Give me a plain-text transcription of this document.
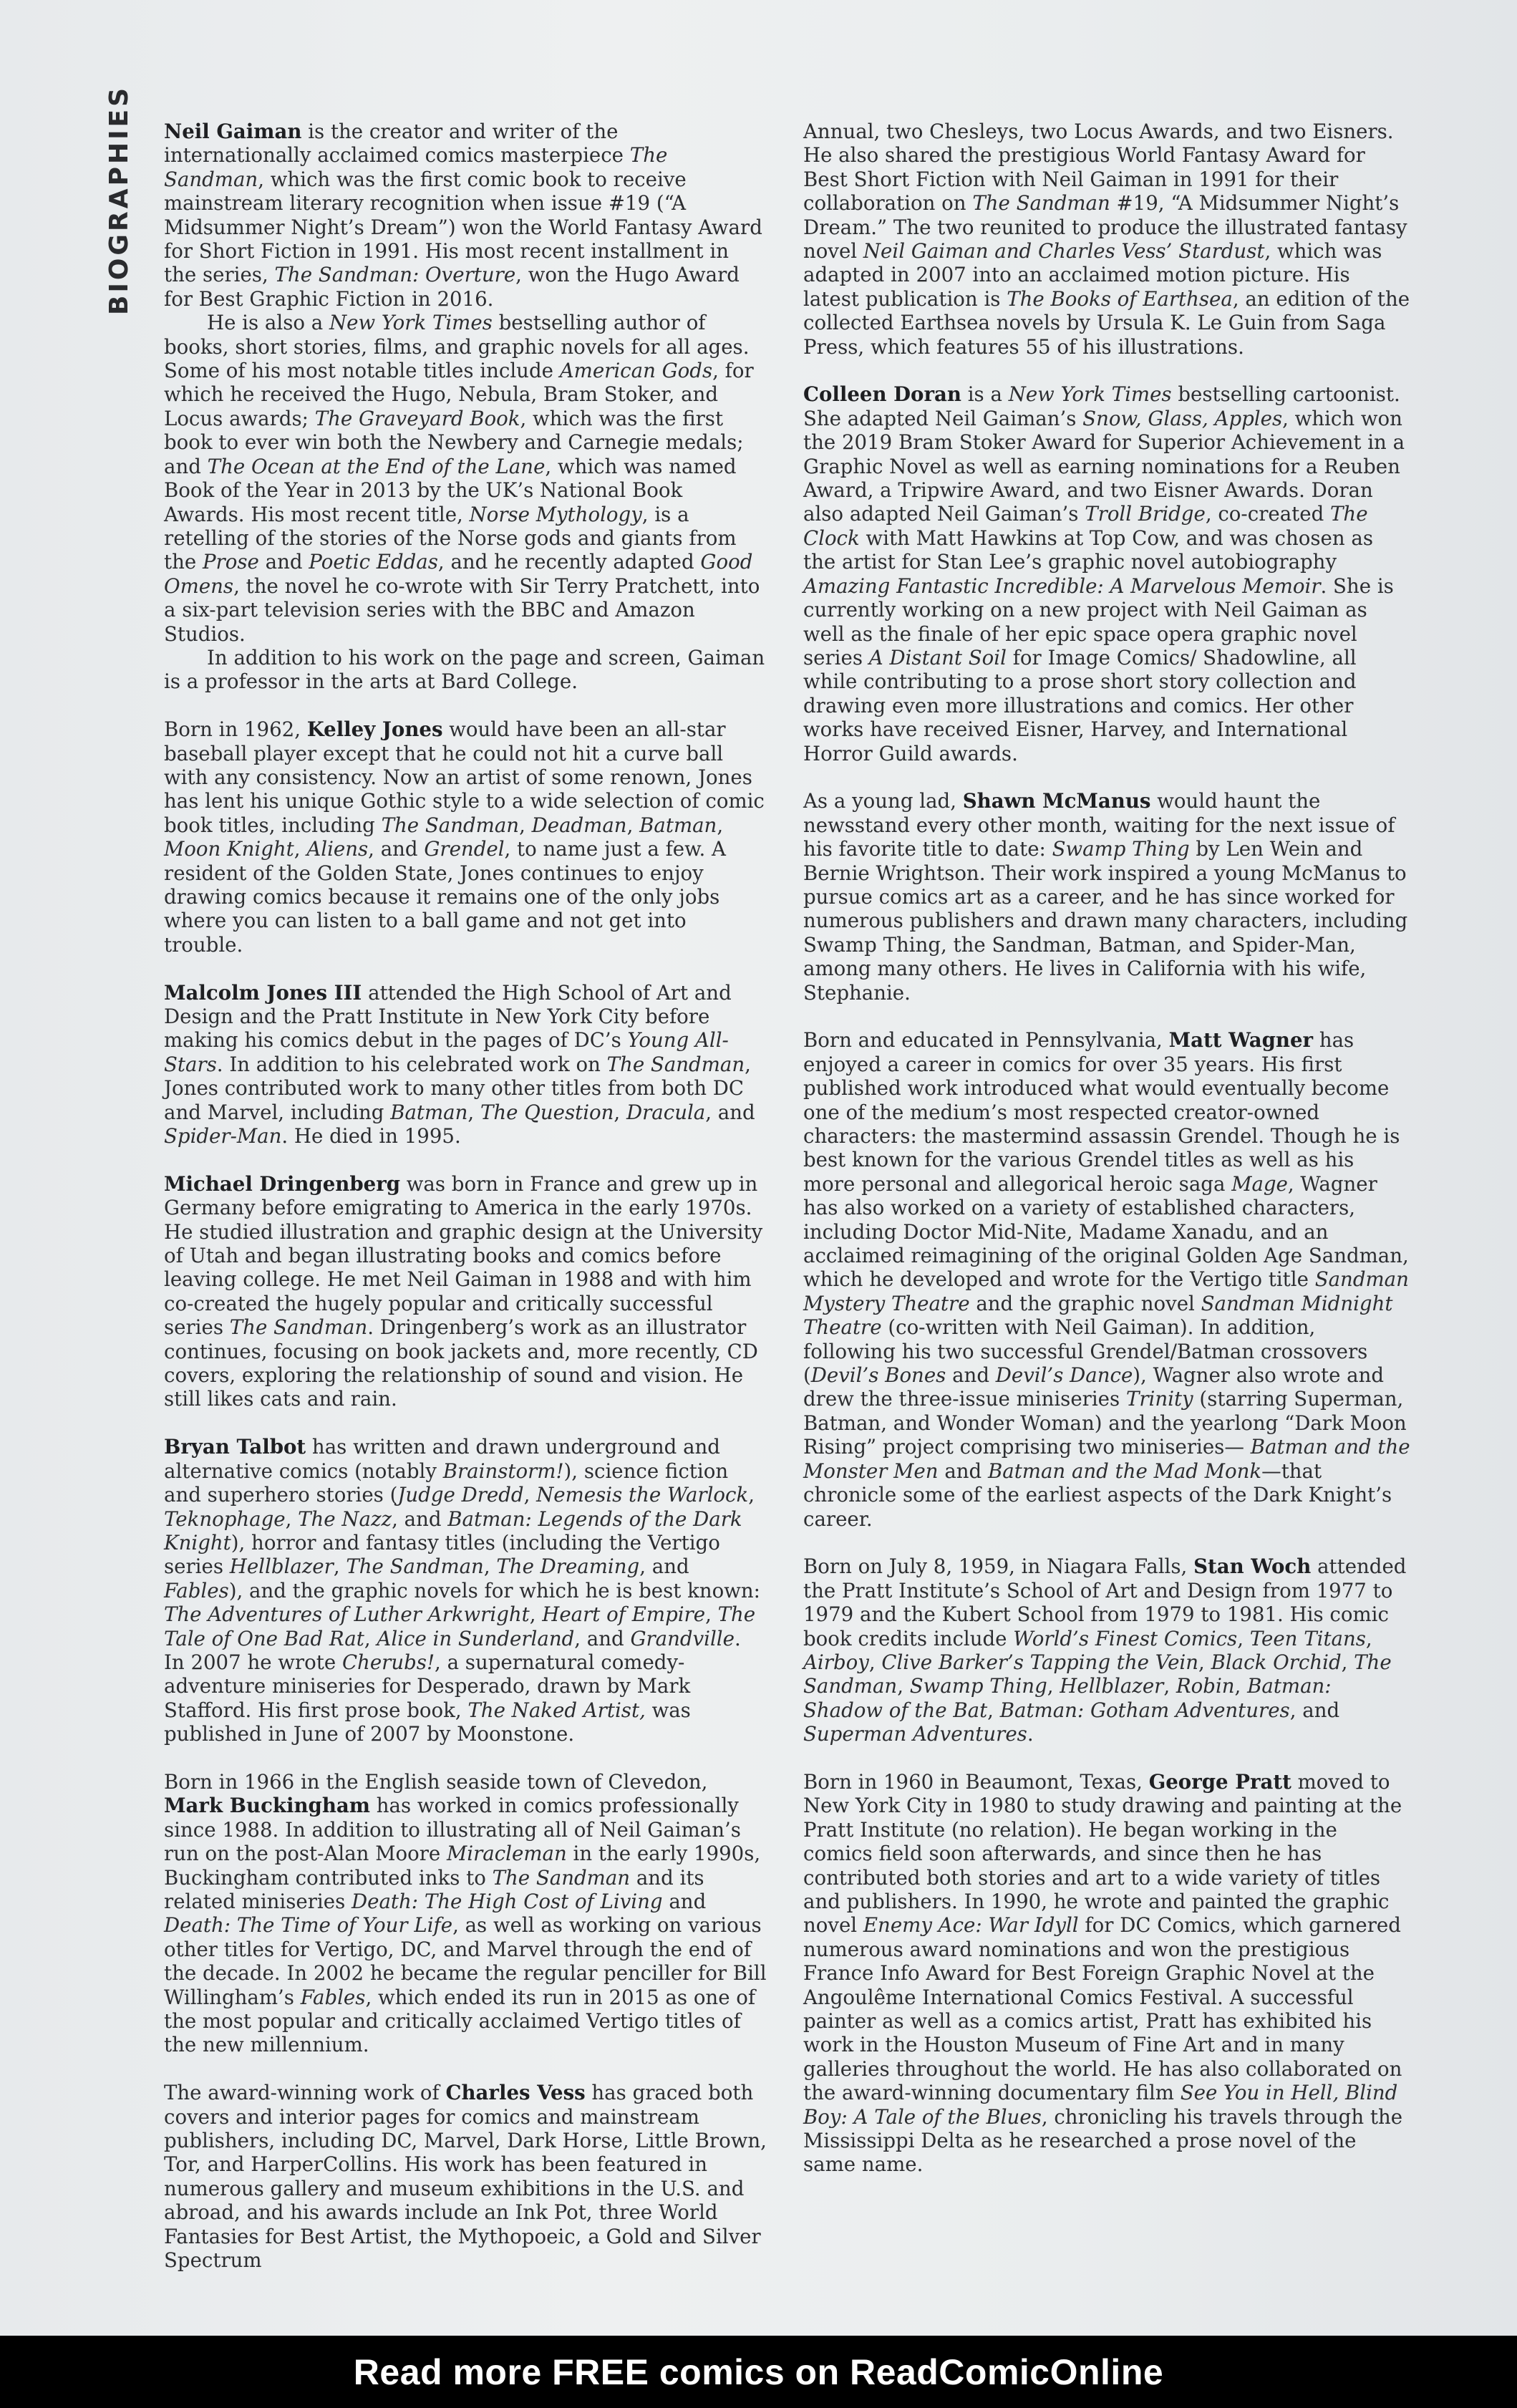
BIOGRAPHIES Neil Gaiman is the creator and writer of the internationally acclaimed comics masterpiece The Sandman, which was the first comic book to receive mainstream literary recognition when issue #19 (“A Midsummer Night’s Dream”) won the World Fantasy Award for Short Fiction in 1991. His most recent installment in the series, The Sandman: Overture, won the Hugo Award for Best Graphic Fiction in 2016.

He is also a New York Times bestselling author of books, short stories, films, and graphic novels for all ages. Some of his most notable titles include American Gods, for which he received the Hugo, Nebula, Bram Stoker, and Locus awards; The Graveyard Book, which was the first book to ever win both the Newbery and Carnegie medals; and The Ocean at the End of the Lane, which was named Book of the Year in 2013 by the UK’s National Book Awards. His most recent title, Norse Mythology, is a retelling of the stories of the Norse gods and giants from the Prose and Poetic Eddas, and he recently adapted Good Omens, the novel he co-wrote with Sir Terry Pratchett, into a six-part television series with the BBC and Amazon Studios.

In addition to his work on the page and screen, Gaiman is a professor in the arts at Bard College.

Born in 1962, Kelley Jones would have been an all-star baseball player except that he could not hit a curve ball with any consistency. Now an artist of some renown, Jones has lent his unique Gothic style to a wide selection of comic book titles, including The Sandman, Deadman, Batman, Moon Knight, Aliens, and Grendel, to name just a few. A resident of the Golden State, Jones continues to enjoy drawing comics because it remains one of the only jobs where you can listen to a ball game and not get into trouble.

Malcolm Jones III attended the High School of Art and Design and the Pratt Institute in New York City before making his comics debut in the pages of DC’s Young All-Stars. In addition to his celebrated work on The Sandman, Jones contributed work to many other titles from both DC and Marvel, including Batman, The Question, Dracula, and Spider-Man. He died in 1995.

Michael Dringenberg was born in France and grew up in Germany before emigrating to America in the early 1970s. He studied illustration and graphic design at the University of Utah and began illustrating books and comics before leaving college. He met Neil Gaiman in 1988 and with him co-created the hugely popular and critically successful series The Sandman. Dringenberg’s work as an illustrator continues, focusing on book jackets and, more recently, CD covers, exploring the relationship of sound and vision. He still likes cats and rain.

Bryan Talbot has written and drawn underground and alternative comics (notably Brainstorm!), science fiction and superhero stories (Judge Dredd, Nemesis the Warlock, Teknophage, The Nazz, and Batman: Legends of the Dark Knight), horror and fantasy titles (including the Vertigo series Hellblazer, The Sandman, The Dreaming, and Fables), and the graphic novels for which he is best known: The Adventures of Luther Arkwright, Heart of Empire, The Tale of One Bad Rat, Alice in Sunderland, and Grandville. In 2007 he wrote Cherubs!, a supernatural comedy-adventure miniseries for Desperado, drawn by Mark Stafford. His first prose book, The Naked Artist, was published in June of 2007 by Moonstone.

Born in 1966 in the English seaside town of Clevedon, Mark Buckingham has worked in comics professionally since 1988. In addition to illustrating all of Neil Gaiman’s run on the post-Alan Moore Miracleman in the early 1990s, Buckingham contributed inks to The Sandman and its related miniseries Death: The High Cost of Living and Death: The Time of Your Life, as well as working on various other titles for Vertigo, DC, and Marvel through the end of the decade. In 2002 he became the regular penciller for Bill Willingham’s Fables, which ended its run in 2015 as one of the most popular and critically acclaimed Vertigo titles of the new millennium.

The award-winning work of Charles Vess has graced both covers and interior pages for comics and mainstream publishers, including DC, Marvel, Dark Horse, Little Brown, Tor, and HarperCollins. His work has been featured in numerous gallery and museum exhibitions in the U.S. and abroad, and his awards include an Ink Pot, three World Fantasies for Best Artist, the Mythopoeic, a Gold and Silver Spectrum

Annual, two Chesleys, two Locus Awards, and two Eisners. He also shared the prestigious World Fantasy Award for Best Short Fiction with Neil Gaiman in 1991 for their collaboration on The Sandman #19, “A Midsummer Night’s Dream.” The two reunited to produce the illustrated fantasy novel Neil Gaiman and Charles Vess’ Stardust, which was adapted in 2007 into an acclaimed motion picture. His latest publication is The Books of Earthsea, an edition of the collected Earthsea novels by Ursula K. Le Guin from Saga Press, which features 55 of his illustrations.

Colleen Doran is a New York Times bestselling cartoonist. She adapted Neil Gaiman’s Snow, Glass, Apples, which won the 2019 Bram Stoker Award for Superior Achievement in a Graphic Novel as well as earning nominations for a Reuben Award, a Tripwire Award, and two Eisner Awards. Doran also adapted Neil Gaiman’s Troll Bridge, co-created The Clock with Matt Hawkins at Top Cow, and was chosen as the artist for Stan Lee’s graphic novel autobiography Amazing Fantastic Incredible: A Marvelous Memoir. She is currently working on a new project with Neil Gaiman as well as the finale of her epic space opera graphic novel series A Distant Soil for Image Comics/ Shadowline, all while contributing to a prose short story collection and drawing even more illustrations and comics. Her other works have received Eisner, Harvey, and International Horror Guild awards.

As a young lad, Shawn McManus would haunt the newsstand every other month, waiting for the next issue of his favorite title to date: Swamp Thing by Len Wein and Bernie Wrightson. Their work inspired a young McManus to pursue comics art as a career, and he has since worked for numerous publishers and drawn many characters, including Swamp Thing, the Sandman, Batman, and Spider-Man, among many others. He lives in California with his wife, Stephanie.

Born and educated in Pennsylvania, Matt Wagner has enjoyed a career in comics for over 35 years. His first published work introduced what would eventually become one of the medium’s most respected creator-owned characters: the mastermind assassin Grendel. Though he is best known for the various Grendel titles as well as his more personal and allegorical heroic saga Mage, Wagner has also worked on a variety of established characters, including Doctor Mid-Nite, Madame Xanadu, and an acclaimed reimagining of the original Golden Age Sandman, which he developed and wrote for the Vertigo title Sandman Mystery Theatre and the graphic novel Sandman Midnight Theatre (co-written with Neil Gaiman). In addition, following his two successful Grendel/Batman crossovers (Devil’s Bones and Devil’s Dance), Wagner also wrote and drew the three-issue miniseries Trinity (starring Superman, Batman, and Wonder Woman) and the yearlong “Dark Moon Rising” project comprising two miniseries— Batman and the Monster Men and Batman and the Mad Monk—that chronicle some of the earliest aspects of the Dark Knight’s career.

Born on July 8, 1959, in Niagara Falls, Stan Woch attended the Pratt Institute’s School of Art and Design from 1977 to 1979 and the Kubert School from 1979 to 1981. His comic book credits include World’s Finest Comics, Teen Titans, Airboy, Clive Barker’s Tapping the Vein, Black Orchid, The Sandman, Swamp Thing, Hellblazer, Robin, Batman: Shadow of the Bat, Batman: Gotham Adventures, and Superman Adventures.

Born in 1960 in Beaumont, Texas, George Pratt moved to New York City in 1980 to study drawing and painting at the Pratt Institute (no relation). He began working in the comics field soon afterwards, and since then he has contributed both stories and art to a wide variety of titles and publishers. In 1990, he wrote and painted the graphic novel Enemy Ace: War Idyll for DC Comics, which garnered numerous award nominations and won the prestigious France Info Award for Best Foreign Graphic Novel at the Angoulême International Comics Festival. A successful painter as well as a comics artist, Pratt has exhibited his work in the Houston Museum of Fine Art and in many galleries throughout the world. He has also collaborated on the award-winning documentary film See You in Hell, Blind Boy: A Tale of the Blues, chronicling his travels through the Mississippi Delta as he researched a prose novel of the same name.

Read more FREE comics on ReadComicOnline
